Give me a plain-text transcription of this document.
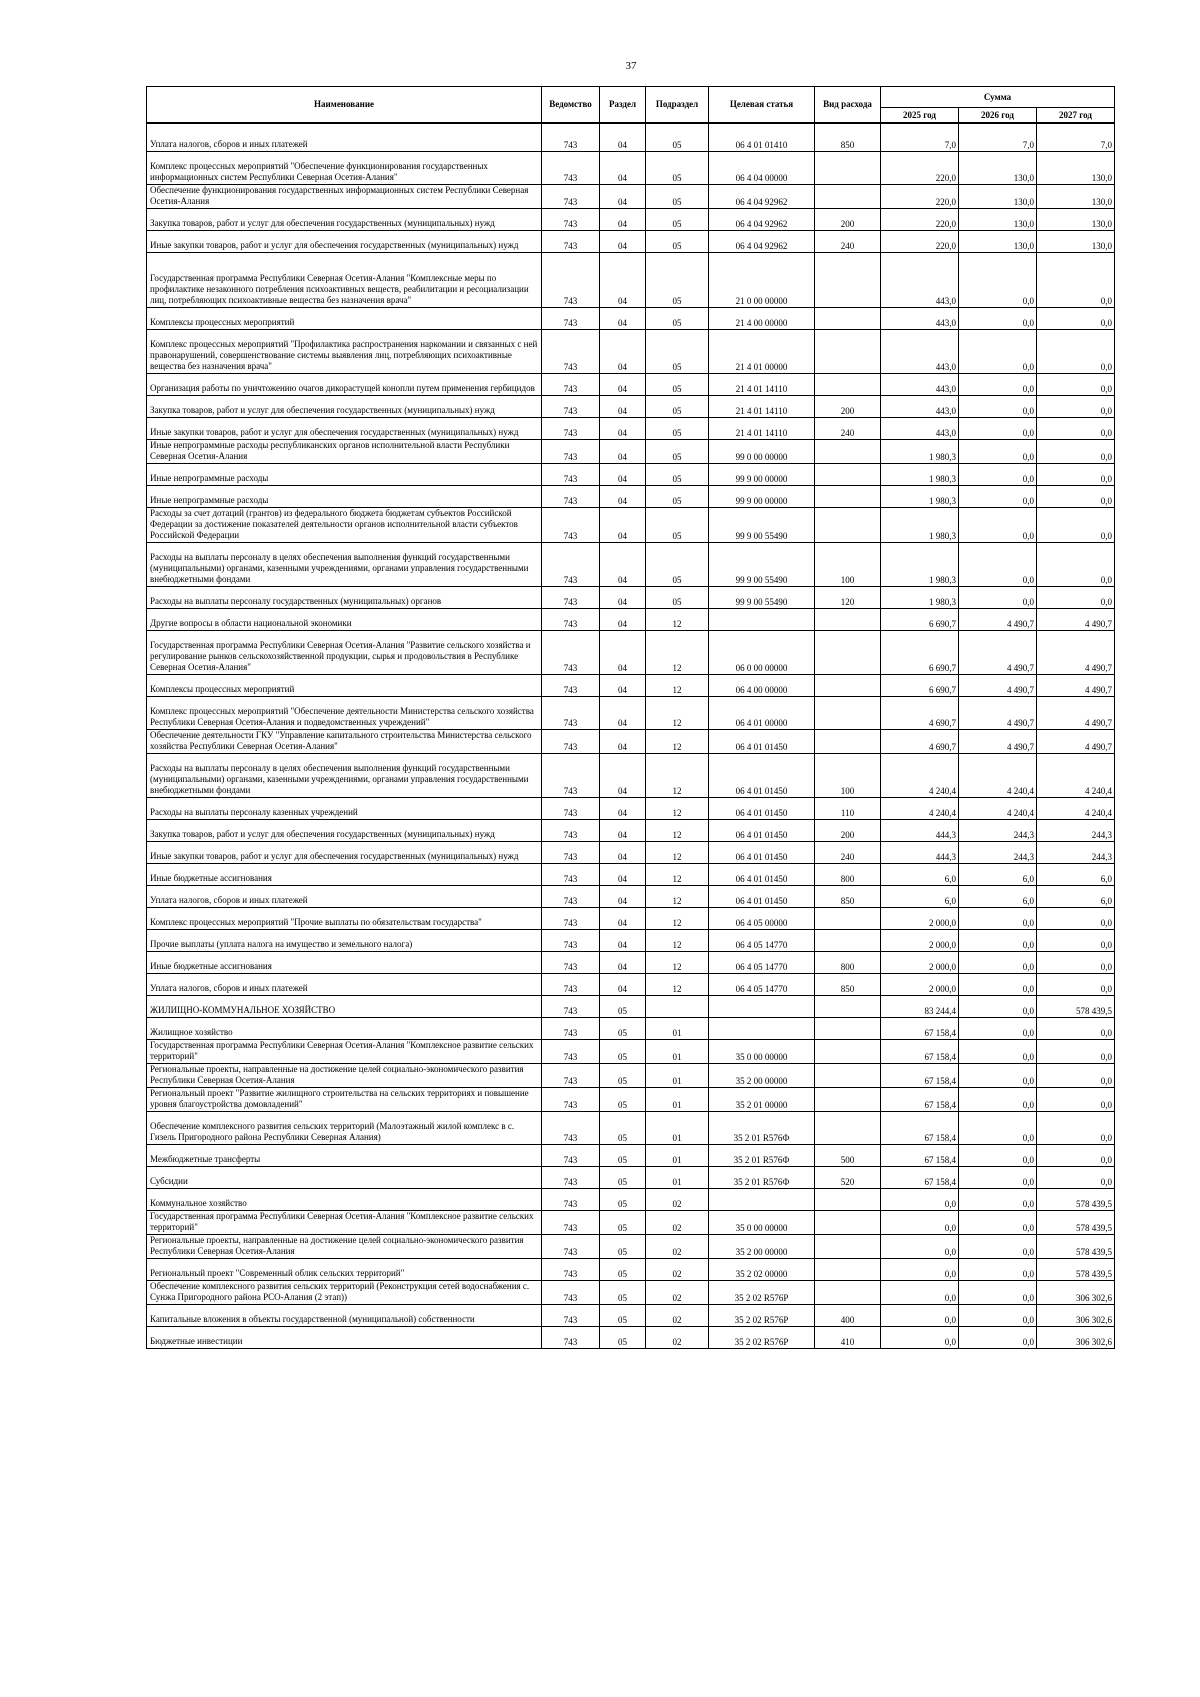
37
Наименование	Ведомство	Раздел	Подраздел	Целевая статья	Вид расхода	Сумма		
						2025 год	2026 год	2027 год
Уплата налогов, сборов и иных платежей	743	04	05	06 4 01 01410	850	7,0	7,0	7,0
Комплекс процессных мероприятий "Обеспечение функционирования государственных информационных систем Республики Северная Осетия-Алания"	743	04	05	06 4 04 00000		220,0	130,0	130,0
Обеспечение функционирования государственных информационных систем Республики Северная Осетия-Алания	743	04	05	06 4 04 92962		220,0	130,0	130,0
Закупка товаров, работ и услуг для обеспечения государственных (муниципальных) нужд	743	04	05	06 4 04 92962	200	220,0	130,0	130,0
Иные закупки товаров, работ и услуг для обеспечения государственных (муниципальных) нужд	743	04	05	06 4 04 92962	240	220,0	130,0	130,0
Государственная программа Республики Северная Осетия-Алания "Комплексные меры по профилактике незаконного потребления психоактивных веществ, реабилитации и ресоциализации лиц, потребляющих психоактивные вещества без назначения врача"	743	04	05	21 0 00 00000		443,0	0,0	0,0
Комплексы процессных мероприятий	743	04	05	21 4 00 00000		443,0	0,0	0,0
Комплекс процессных мероприятий "Профилактика распространения наркомании и связанных с ней правонарушений, совершенствование системы выявления лиц, потребляющих психоактивные вещества без назначения врача"	743	04	05	21 4 01 00000		443,0	0,0	0,0
Организация работы по уничтожению очагов дикорастущей конопли путем применения гербицидов	743	04	05	21 4 01 14110		443,0	0,0	0,0
Закупка товаров, работ и услуг для обеспечения государственных (муниципальных) нужд	743	04	05	21 4 01 14110	200	443,0	0,0	0,0
Иные закупки товаров, работ и услуг для обеспечения государственных (муниципальных) нужд	743	04	05	21 4 01 14110	240	443,0	0,0	0,0
Иные непрограммные расходы республиканских органов исполнительной власти Республики Северная Осетия-Алания	743	04	05	99 0 00 00000		1 980,3	0,0	0,0
Иные непрограммные расходы	743	04	05	99 9 00 00000		1 980,3	0,0	0,0
Иные непрограммные расходы	743	04	05	99 9 00 00000		1 980,3	0,0	0,0
Расходы за счет дотаций (грантов) из федерального бюджета бюджетам субъектов Российской Федерации за достижение показателей деятельности органов исполнительной власти субъектов Российской Федерации	743	04	05	99 9 00 55490		1 980,3	0,0	0,0
Расходы на выплаты персоналу в целях обеспечения выполнения функций государственными (муниципальными) органами, казенными учреждениями, органами управления государственными внебюджетными фондами	743	04	05	99 9 00 55490	100	1 980,3	0,0	0,0
Расходы на выплаты персоналу государственных (муниципальных) органов	743	04	05	99 9 00 55490	120	1 980,3	0,0	0,0
Другие вопросы в области национальной экономики	743	04	12			6 690,7	4 490,7	4 490,7
Государственная программа Республики Северная Осетия-Алания "Развитие сельского хозяйства и регулирование рынков сельскохозяйственной продукции, сырья и продовольствия в Республике Северная Осетия-Алания"	743	04	12	06 0 00 00000		6 690,7	4 490,7	4 490,7
Комплексы процессных мероприятий	743	04	12	06 4 00 00000		6 690,7	4 490,7	4 490,7
Комплекс процессных мероприятий "Обеспечение деятельности Министерства сельского хозяйства Республики Северная Осетия-Алания и подведомственных учреждений"	743	04	12	06 4 01 00000		4 690,7	4 490,7	4 490,7
Обеспечение деятельности ГКУ "Управление капитального строительства Министерства сельского хозяйства Республики Северная Осетия-Алания"	743	04	12	06 4 01 01450		4 690,7	4 490,7	4 490,7
Расходы на выплаты персоналу в целях обеспечения выполнения функций государственными (муниципальными) органами, казенными учреждениями, органами управления государственными внебюджетными фондами	743	04	12	06 4 01 01450	100	4 240,4	4 240,4	4 240,4
Расходы на выплаты персоналу казенных учреждений	743	04	12	06 4 01 01450	110	4 240,4	4 240,4	4 240,4
Закупка товаров, работ и услуг для обеспечения государственных (муниципальных) нужд	743	04	12	06 4 01 01450	200	444,3	244,3	244,3
Иные закупки товаров, работ и услуг для обеспечения государственных (муниципальных) нужд	743	04	12	06 4 01 01450	240	444,3	244,3	244,3
Иные бюджетные ассигнования	743	04	12	06 4 01 01450	800	6,0	6,0	6,0
Уплата налогов, сборов и иных платежей	743	04	12	06 4 01 01450	850	6,0	6,0	6,0
Комплекс процессных мероприятий "Прочие выплаты по обязательствам государства"	743	04	12	06 4 05 00000		2 000,0	0,0	0,0
Прочие выплаты (уплата налога на имущество и земельного налога)	743	04	12	06 4 05 14770		2 000,0	0,0	0,0
Иные бюджетные ассигнования	743	04	12	06 4 05 14770	800	2 000,0	0,0	0,0
Уплата налогов, сборов и иных платежей	743	04	12	06 4 05 14770	850	2 000,0	0,0	0,0
ЖИЛИЩНО-КОММУНАЛЬНОЕ ХОЗЯЙСТВО	743	05				83 244,4	0,0	578 439,5
Жилищное хозяйство	743	05	01			67 158,4	0,0	0,0
Государственная программа Республики Северная Осетия-Алания "Комплексное развитие сельских территорий"	743	05	01	35 0 00 00000		67 158,4	0,0	0,0
Региональные проекты, направленные на достижение целей социально-экономического развития Республики Северная Осетия-Алания	743	05	01	35 2 00 00000		67 158,4	0,0	0,0
Региональный проект "Развитие жилищного строительства на сельских территориях и повышение уровня благоустройства домовладений"	743	05	01	35 2 01 00000		67 158,4	0,0	0,0
Обеспечение комплексного развития сельских территорий (Малоэтажный жилой комплекс в с. Гизель Пригородного района Республики Северная Алания)	743	05	01	35 2 01 R576Ф		67 158,4	0,0	0,0
Межбюджетные трансферты	743	05	01	35 2 01 R576Ф	500	67 158,4	0,0	0,0
Субсидии	743	05	01	35 2 01 R576Ф	520	67 158,4	0,0	0,0
Коммунальное хозяйство	743	05	02			0,0	0,0	578 439,5
Государственная программа Республики Северная Осетия-Алания "Комплексное развитие сельских территорий"	743	05	02	35 0 00 00000		0,0	0,0	578 439,5
Региональные проекты, направленные на достижение целей социально-экономического развития Республики Северная Осетия-Алания	743	05	02	35 2 00 00000		0,0	0,0	578 439,5
Региональный проект "Современный облик сельских территорий"	743	05	02	35 2 02 00000		0,0	0,0	578 439,5
Обеспечение комплексного развития сельских территорий (Реконструкция сетей водоснабжения с. Сунжа Пригородного района РСО-Алания (2 этап))	743	05	02	35 2 02 R576Р		0,0	0,0	306 302,6
Капитальные вложения в объекты государственной (муниципальной) собственности	743	05	02	35 2 02 R576Р	400	0,0	0,0	306 302,6
Бюджетные инвестиции	743	05	02	35 2 02 R576Р	410	0,0	0,0	306 302,6
